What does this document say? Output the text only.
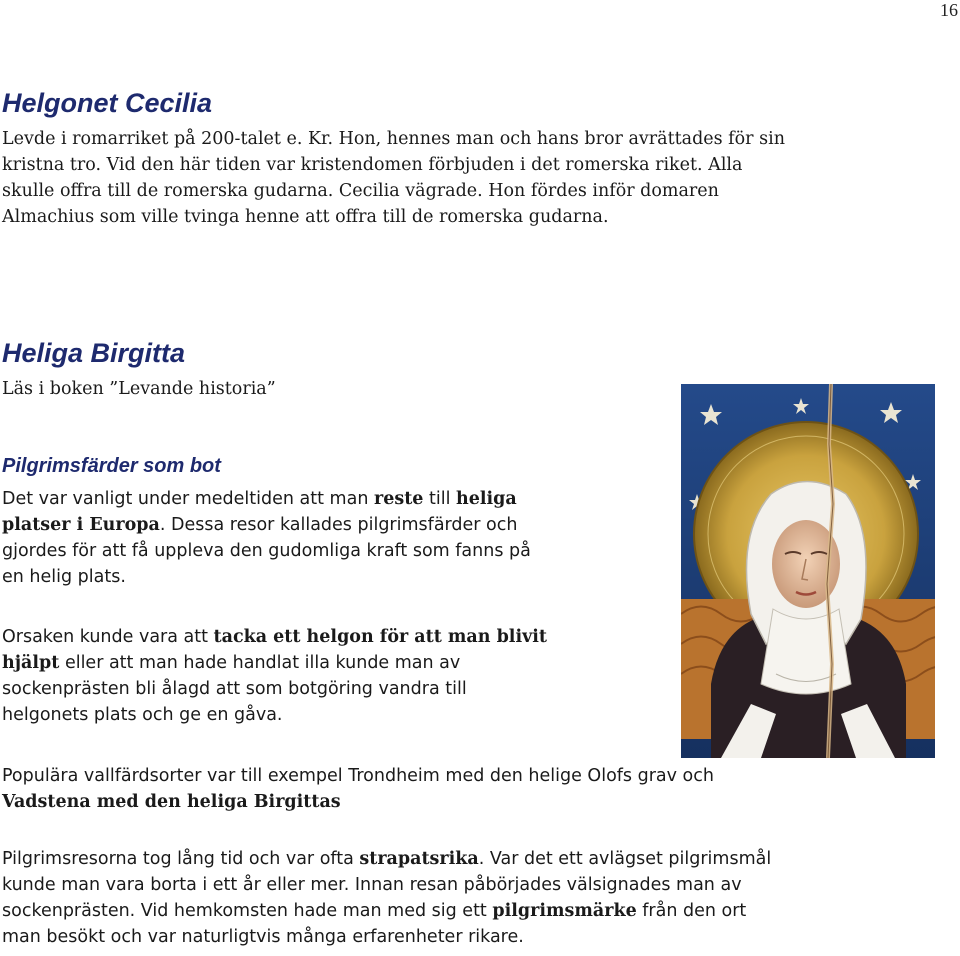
16
Helgonet Cecilia

Levde i romarriket på 200-talet e. Kr. Hon, hennes man och hans bror avrättades för sin
kristna tro. Vid den här tiden var kristendomen förbjuden i det romerska riket. Alla
skulle offra till de romerska gudarna. Cecilia vägrade. Hon fördes inför domaren
Almachius som ville tvinga henne att offra till de romerska gudarna.

Heliga Birgitta

Läs i boken ”Levande historia”

Pilgrimsfärder som bot

Det var vanligt under medeltiden att man reste till heliga
platser i Europa. Dessa resor kallades pilgrimsfärder och
gjordes för att få uppleva den gudomliga kraft som fanns på
en helig plats.

Orsaken kunde vara att tacka ett helgon för att man blivit
hjälpt eller att man hade handlat illa kunde man av
sockenprästen bli ålagd att som botgöring vandra till
helgonets plats och ge en gåva.

Populära vallfärdsorter var till exempel Trondheim med den helige Olofs grav och
Vadstena med den heliga Birgittas

Pilgrimsresorna tog lång tid och var ofta strapatsrika. Var det ett avlägset pilgrimsmål
kunde man vara borta i ett år eller mer. Innan resan påbörjades välsignades man av
sockenprästen. Vid hemkomsten hade man med sig ett pilgrimsmärke från den ort
man besökt och var naturligtvis många erfarenheter rikare.
